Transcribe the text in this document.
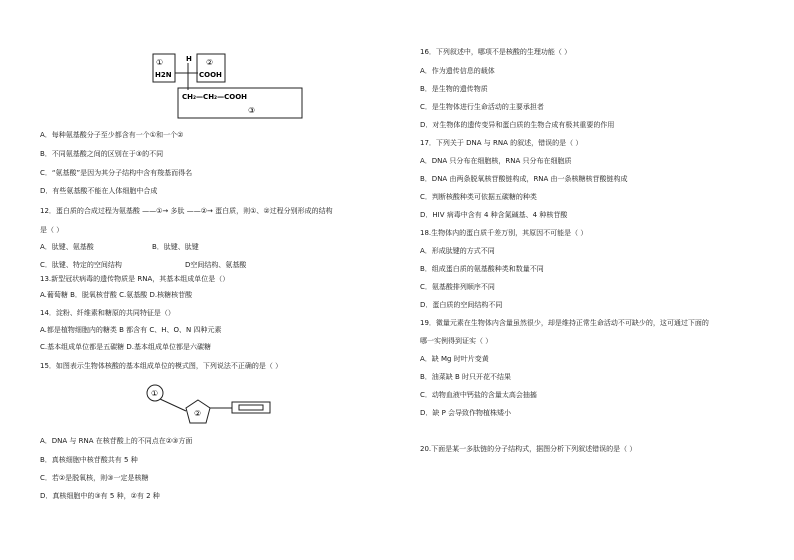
①
H2N
H ②
COOH
CH₂—CH₂—COOH
③
A．每种氨基酸分子至少都含有一个①和一个②
B．不同氨基酸之间的区别在于③的不同
C．“氨基酸”是因为其分子结构中含有羧基而得名
D．有些氨基酸不能在人体细胞中合成
12．蛋白质的合成过程为氨基酸 ——①→ 多肽 ——②→ 蛋白质，则①、②过程分别形成的结构
是（ ）
A．肽键、氨基酸	B．肽键、肽键
C．肽键、特定的空间结构	D空间结构、氨基酸
13.新型冠状病毒的遗传物质是 RNA，其基本组成单位是（）
A.葡萄糖 B．脱氧核苷酸 C.氨基酸 D.核糖核苷酸
14．淀粉、纤维素和糖原的共同特征是（）
A.都是植物细胞内的糖类 B 都含有 C、H、O、N 四种元素
C.基本组成单位都是五碳糖 D.基本组成单位都是六碳糖
15．如图表示生物体核酸的基本组成单位的模式图，下列说法不正确的是（ ）
①
②
A．DNA 与 RNA 在核苷酸上的不同点在②③方面
B．真核细胞中核苷酸共有 5 种
C．若②是脱氧核，则③一定是核糖
D．真核细胞中的③有 5 种，②有 2 种
16．下列叙述中，哪项不是核酸的生理功能（ ）
A．作为遗传信息的载体
B．是生物的遗传物质
C．是生物体进行生命活动的主要承担者
D．对生物体的遗传变异和蛋白质的生物合成有极其重要的作用
17．下列关于 DNA 与 RNA 的叙述，错误的是（ ）
A．DNA 只分布在细胞核，RNA 只分布在细胞质
B．DNA 由两条脱氧核苷酸链构成，RNA 由一条核糖核苷酸链构成
C．判断核酸种类可依据五碳糖的种类
D．HIV 病毒中含有 4 种含氮碱基、4 种核苷酸
18.生物体内的蛋白质千差万别，其原因不可能是（ ）
A．形成肽键的方式不同
B．组成蛋白质的氨基酸种类和数量不同
C．氨基酸排列顺序不同
D．蛋白质的空间结构不同
19．微量元素在生物体内含量虽然很少，却是维持正常生命活动不可缺少的，这可通过下面的
哪一实例得到证实（ ）
A．缺 Mg 时叶片变黄
B．油菜缺 B 时只开花不结果
C．动物血液中钙盐的含量太高会抽搐
D．缺 P 会导致作物植株矮小
20.下面是某一多肽链的分子结构式，据图分析下列叙述错误的是（ ）
